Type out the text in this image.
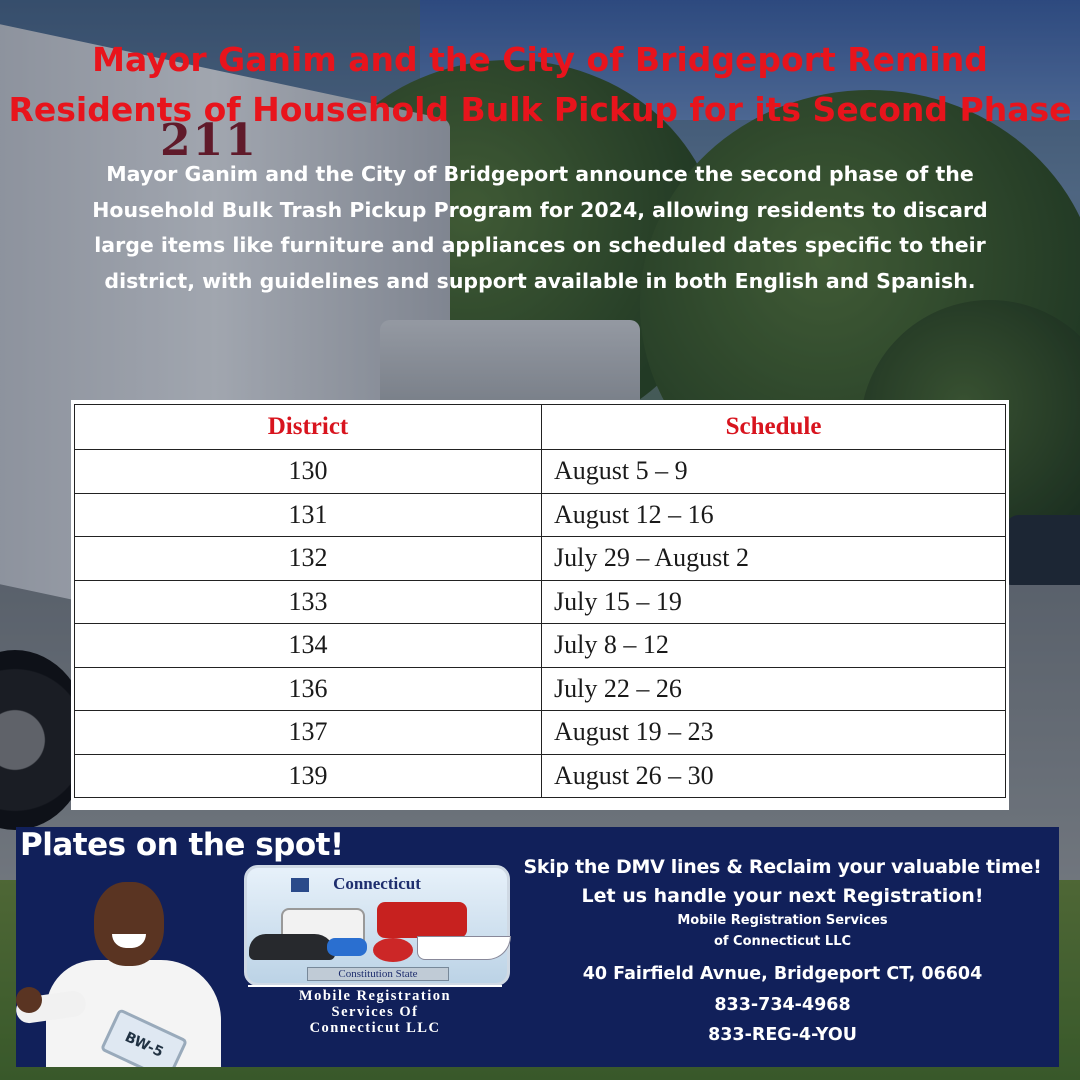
211
Mayor Ganim and the City of Bridgeport Remind
Residents of Household Bulk Pickup for its Second Phase
Mayor Ganim and the City of Bridgeport announce the second phase of the
Household Bulk Trash Pickup Program for 2024, allowing residents to discard
large items like furniture and appliances on scheduled dates specific to their
district, with guidelines and support available in both English and Spanish.
District	Schedule
130	August 5 – 9
131	August 12 – 16
132	July 29 – August 2
133	July 15 – 19
134	July 8 – 12
136	July 22 – 26
137	August 19 – 23
139	August 26 – 30
Plates on the spot!
BW-5
Connecticut
Constitution State
Mobile Registration
Services Of
Connecticut LLC
Skip the DMV lines & Reclaim your valuable time!
Let us handle your next Registration!
Mobile Registration Services
of Connecticut LLC
40 Fairfield Avnue, Bridgeport CT, 06604
833-734-4968
833-REG-4-YOU
